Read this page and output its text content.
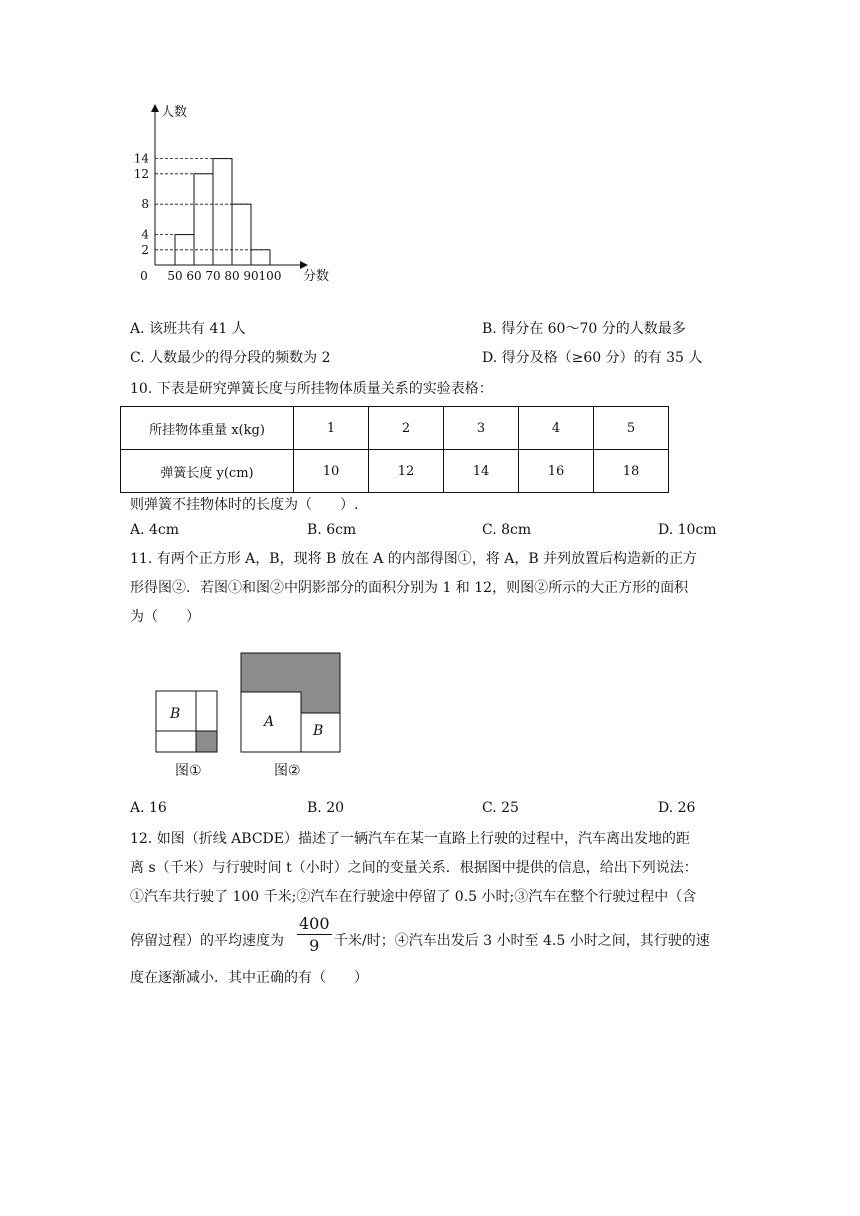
人数
分数
0 50 60 70 80 90 100
2
4
8
12
14
A. 该班共有 41 人	B. 得分在 60～70 分的人数最多
C. 人数最少的得分段的频数为 2	D. 得分及格（≥60 分）的有 35 人
10. 下表是研究弹簧长度与所挂物体质量关系的实验表格：
所挂物体重量 x(kg)	1	2	3	4	5
弹簧长度 y(cm)	10	12	14	16	18
则弹簧不挂物体时的长度为（　　）.
A. 4cm	B. 6cm	C. 8cm	D. 10cm
11. 有两个正方形 A，B，现将 B 放在 A 的内部得图①，将 A，B 并列放置后构造新的正方
形得图②．若图①和图②中阴影部分的面积分别为 1 和 12，则图②所示的大正方形的面积
为（　　）
B
图①
A
B
图②
A. 16	B. 20	C. 25	D. 26
12. 如图（折线 ABCDE）描述了一辆汽车在某一直路上行驶的过程中，汽车离出发地的距
离 s（千米）与行驶时间 t（小时）之间的变量关系．根据图中提供的信息，给出下列说法：
①汽车共行驶了 100 千米;②汽车在行驶途中停留了 0.5 小时;③汽车在整个行驶过程中（含
停留过程）的平均速度为 $\frac{400}{9}$ 千米/时；④汽车出发后 3 小时至 4.5 小时之间，其行驶的速
度在逐渐减小．其中正确的有（　　）
